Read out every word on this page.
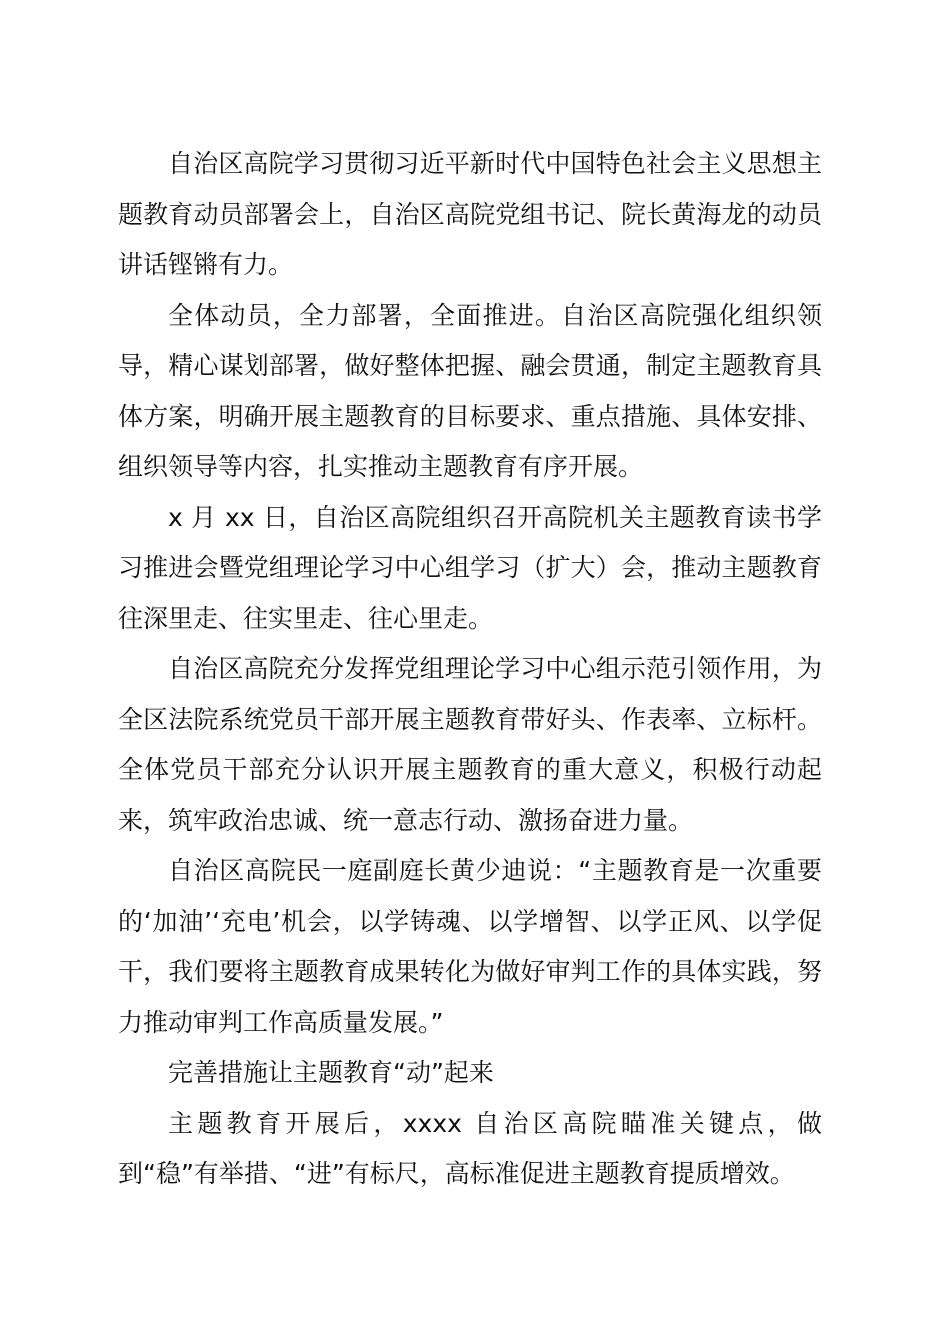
自治区高院学习贯彻习近平新时代中国特色社会主义思想主题教育动员部署会上，自治区高院党组书记、院长黄海龙的动员讲话铿锵有力。

全体动员，全力部署，全面推进。自治区高院强化组织领导，精心谋划部署，做好整体把握、融会贯通，制定主题教育具体方案，明确开展主题教育的目标要求、重点措施、具体安排、组织领导等内容，扎实推动主题教育有序开展。

x 月 xx 日，自治区高院组织召开高院机关主题教育读书学习推进会暨党组理论学习中心组学习（扩大）会，推动主题教育往深里走、往实里走、往心里走。

自治区高院充分发挥党组理论学习中心组示范引领作用，为全区法院系统党员干部开展主题教育带好头、作表率、立标杆。全体党员干部充分认识开展主题教育的重大意义，积极行动起来，筑牢政治忠诚、统一意志行动、激扬奋进力量。

自治区高院民一庭副庭长黄少迪说：“主题教育是一次重要的‘加油’‘充电’机会，以学铸魂、以学增智、以学正风、以学促干，我们要将主题教育成果转化为做好审判工作的具体实践，努力推动审判工作高质量发展。”

完善措施让主题教育“动”起来

主题教育开展后，xxxx 自治区高院瞄准关键点，做到“稳”有举措、“进”有标尺，高标准促进主题教育提质增效。
